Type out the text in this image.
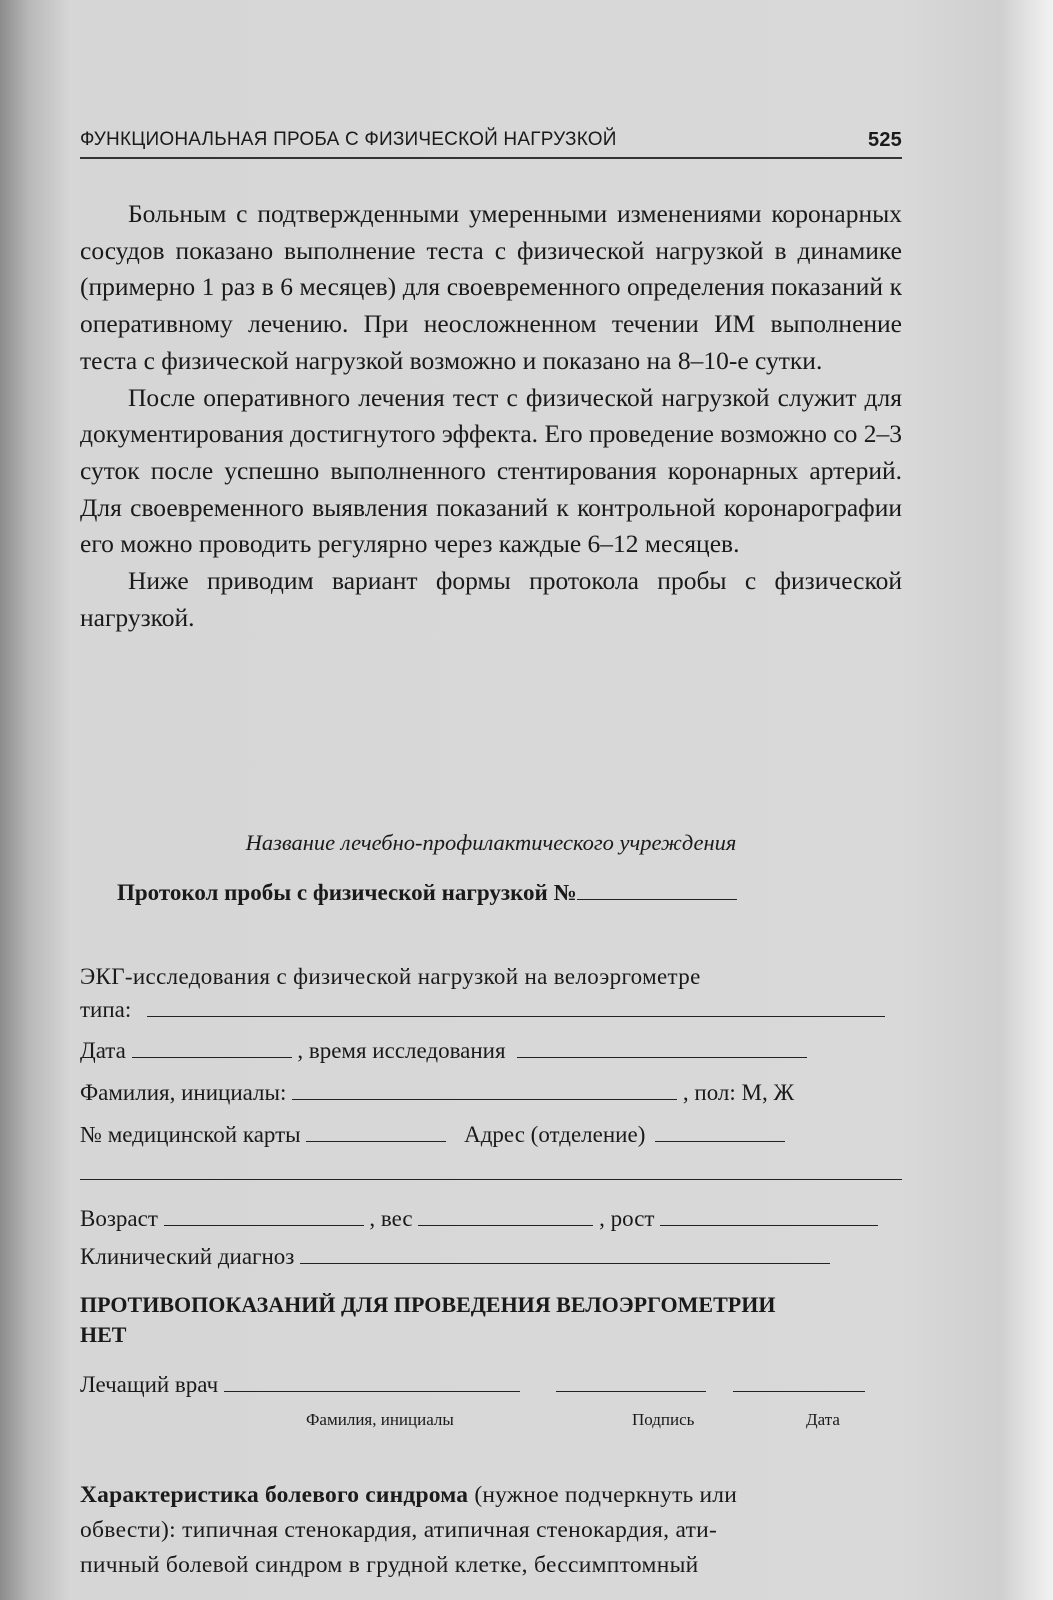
ФУНКЦИОНАЛЬНАЯ ПРОБА С ФИЗИЧЕСКОЙ НАГРУЗКОЙ	525

Больным с подтвержденными умеренными изменениями коронарных сосудов показано выполнение теста с физической нагрузкой в динамике (примерно 1 раз в 6 месяцев) для своевременного определения показаний к оперативному лечению. При неосложненном течении ИМ выполнение теста с физической нагрузкой возможно и показано на 8–10-е сутки.

После оперативного лечения тест с физической нагрузкой служит для документирования достигнутого эффекта. Его проведение возможно со 2–3 суток после успешно выполненного стентирования коронарных артерий. Для своевременного выявления показаний к контрольной коронарографии его можно проводить регулярно через каждые 6–12 месяцев.

Ниже приводим вариант формы протокола пробы с физической нагрузкой.

Название лечебно-профилактического учреждения
Протокол пробы с физической нагрузкой №
ЭКГ-исследования с физической нагрузкой на велоэргометре
типа:
Дата	, время исследования
Фамилия, инициалы:	, пол: М, Ж
№ медицинской карты	Адрес (отделение)
Возраст	, вес	, рост
Клинический диагноз
ПРОТИВОПОКАЗАНИЙ ДЛЯ ПРОВЕДЕНИЯ ВЕЛОЭРГОМЕТРИИ
НЕТ
Лечащий врач
Характеристика болевого синдрома (нужное подчеркнуть или
обвести): типичная стенокардия, атипичная стенокардия, ати-
пичный болевой синдром в грудной клетке, бессимптомный
Фамилия, инициалы	Подпись	Дата
